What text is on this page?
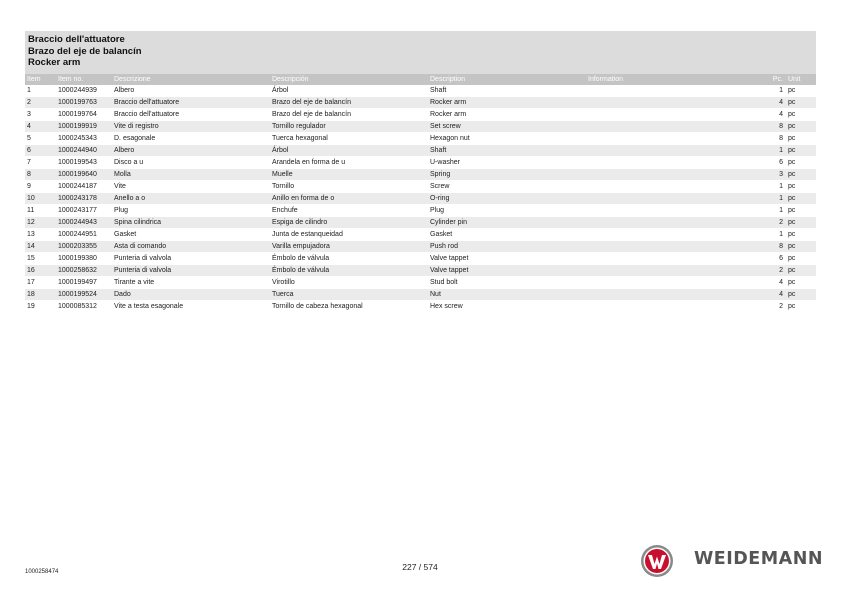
Braccio dell'attuatore
Brazo del eje de balancín
Rocker arm
Item	Item no.	Descrizione	Descripción	Description	Information	Pc.	Unit
1	1000244939	Albero	Árbol	Shaft		1	pc
2	1000199763	Braccio dell'attuatore	Brazo del eje de balancín	Rocker arm		4	pc
3	1000199764	Braccio dell'attuatore	Brazo del eje de balancín	Rocker arm		4	pc
4	1000199919	Vite di registro	Tornillo regulador	Set screw		8	pc
5	1000245343	D. esagonale	Tuerca hexagonal	Hexagon nut		8	pc
6	1000244940	Albero	Árbol	Shaft		1	pc
7	1000199543	Disco a u	Arandela en forma de u	U-washer		6	pc
8	1000199640	Molla	Muelle	Spring		3	pc
9	1000244187	Vite	Tornillo	Screw		1	pc
10	1000243178	Anello a o	Anillo en forma de o	O-ring		1	pc
11	1000243177	Plug	Enchufe	Plug		1	pc
12	1000244943	Spina cilindrica	Espiga de cilindro	Cylinder pin		2	pc
13	1000244951	Gasket	Junta de estanqueidad	Gasket		1	pc
14	1000203355	Asta di comando	Varilla empujadora	Push rod		8	pc
15	1000199380	Punteria di valvola	Émbolo de válvula	Valve tappet		6	pc
16	1000258632	Punteria di valvola	Émbolo de válvula	Valve tappet		2	pc
17	1000199497	Tirante a vite	Virotillo	Stud bolt		4	pc
18	1000199524	Dado	Tuerca	Nut		4	pc
19	1000085312	Vite a testa esagonale	Tornillo de cabeza hexagonal	Hex screw		2	pc
1000258474	227 / 574	WEIDEMANN
